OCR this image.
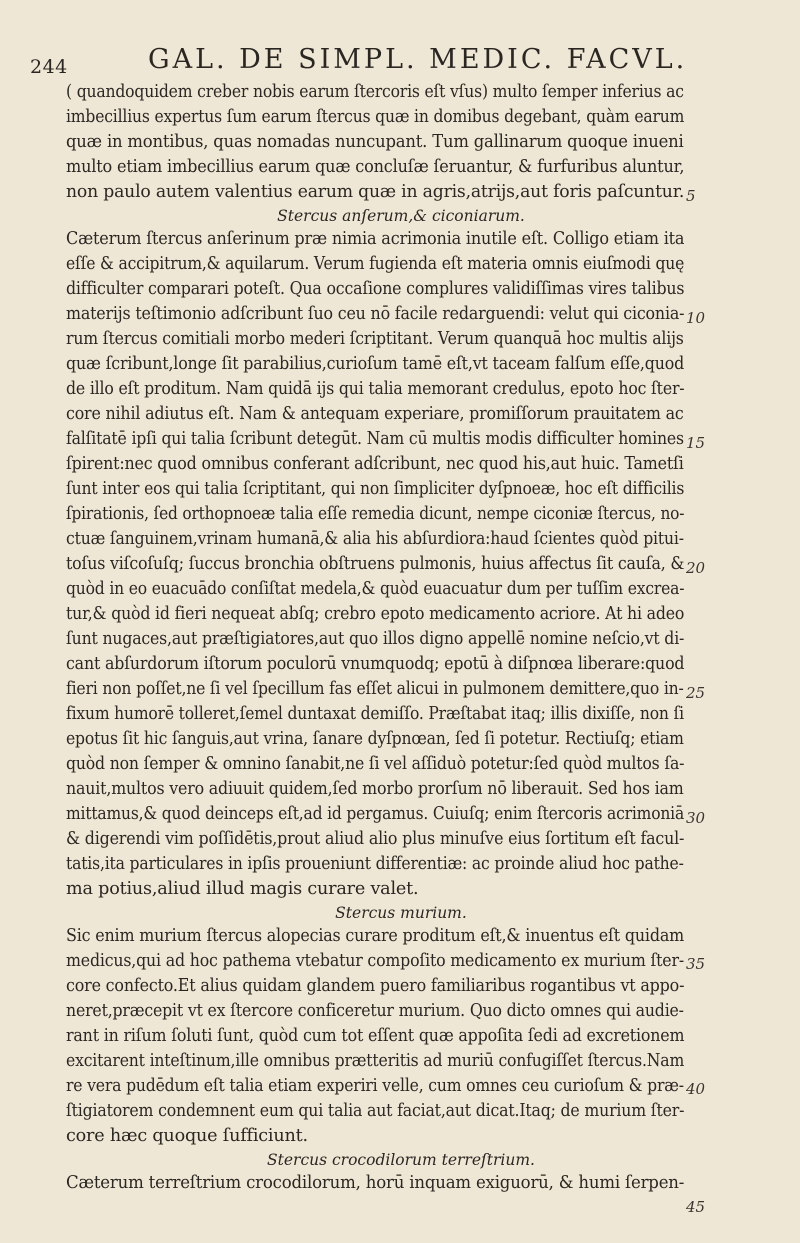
244	GAL. DE SIMPL. MEDIC. FACVL.
( quandoquidem creber nobis earum ſtercoris eſt vſus) multo ſemper inferius ac
imbecillius expertus ſum earum ſtercus quæ in domibus degebant, quàm earum
quæ in montibus, quas nomadas nuncupant. Tum gallinarum quoque inueni
multo etiam imbecillius earum quæ concluſæ ſeruantur, & furfuribus aluntur,
non paulo autem valentius earum quæ in agris,atrijs,aut foris paſcuntur.
Stercus anſerum,& ciconiarum.
Cæterum ſtercus anſerinum præ nimia acrimonia inutile eſt. Colligo etiam ita
eſſe & accipitrum,& aquilarum. Verum fugienda eſt materia omnis eiuſmodi quę
difficulter comparari poteſt. Qua occaſione complures validiſſimas vires talibus
materijs teſtimonio adſcribunt ſuo ceu nō facile redarguendi: velut qui ciconia-
rum ſtercus comitiali morbo mederi ſcriptitant. Verum quanquā hoc multis alijs
quæ ſcribunt,longe ſit parabilius,curioſum tamē eſt,vt taceam falſum eſſe,quod
de illo eſt proditum. Nam quidā ijs qui talia memorant credulus, epoto hoc ſter-
core nihil adiutus eſt. Nam & antequam experiare, promiſſorum prauitatem ac
falſitatē ipſi qui talia ſcribunt detegūt. Nam cū multis modis difficulter homines
ſpirent:nec quod omnibus conferant adſcribunt, nec quod his,aut huic. Tametſi
ſunt inter eos qui talia ſcriptitant, qui non ſimpliciter dyſpnoeæ, hoc eſt difficilis
ſpirationis, ſed orthopnoeæ talia eſſe remedia dicunt, nempe ciconiæ ſtercus, no-
ctuæ ſanguinem,vrinam humanā,& alia his abſurdiora:haud ſcientes quòd pitui-
toſus viſcoſuſq; ſuccus bronchia obſtruens pulmonis, huius affectus ſit cauſa, &
quòd in eo euacuādo conſiſtat medela,& quòd euacuatur dum per tuſſim excrea-
tur,& quòd id fieri nequeat abſq; crebro epoto medicamento acriore. At hi adeo
ſunt nugaces,aut præſtigiatores,aut quo illos digno appellē nomine neſcio,vt di-
cant abſurdorum iſtorum poculorū vnumquodq; epotū à diſpnœa liberare:quod
fieri non poſſet,ne ſi vel ſpecillum fas eſſet alicui in pulmonem demittere,quo in-
fixum humorē tolleret,ſemel duntaxat demiſſo. Præſtabat itaq; illis dixiſſe, non ſi
epotus ſit hic ſanguis,aut vrina, ſanare dyſpnœan, ſed ſi potetur. Rectiuſq; etiam
quòd non ſemper & omnino ſanabit,ne ſi vel aſſiduò potetur:ſed quòd multos ſa-
nauit,multos vero adiuuit quidem,ſed morbo prorſum nō liberauit. Sed hos iam
mittamus,& quod deinceps eſt,ad id pergamus. Cuiuſq; enim ſtercoris acrimoniā
& digerendi vim poſſidētis,prout aliud alio plus minuſve eius ſortitum eſt facul-
tatis,ita particulares in ipſis proueniunt differentiæ: ac proinde aliud hoc pathe-
ma potius,aliud illud magis curare valet.
Stercus murium.
Sic enim murium ſtercus alopecias curare proditum eſt,& inuentus eſt quidam
medicus,qui ad hoc pathema vtebatur compoſito medicamento ex murium ſter-
core confecto.Et alius quidam glandem puero familiaribus rogantibus vt appo-
neret,præcepit vt ex ſtercore conficeretur murium. Quo dicto omnes qui audie-
rant in riſum ſoluti ſunt, quòd cum tot eſſent quæ appoſita ſedi ad excretionem
excitarent inteſtinum,ille omnibus prætteritis ad muriū confugiſſet ſtercus.Nam
re vera pudēdum eſt talia etiam experiri velle, cum omnes ceu curioſum & præ-
ſtigiatorem condemnent eum qui talia aut faciat,aut dicat.Itaq; de murium ſter-
core hæc quoque ſufficiunt.
Stercus crocodilorum terreſtrium.
Cæterum terreſtrium crocodilorum, horū inquam exiguorū, & humi ſerpen-
5
10
15
20
25
30
35
40
45
